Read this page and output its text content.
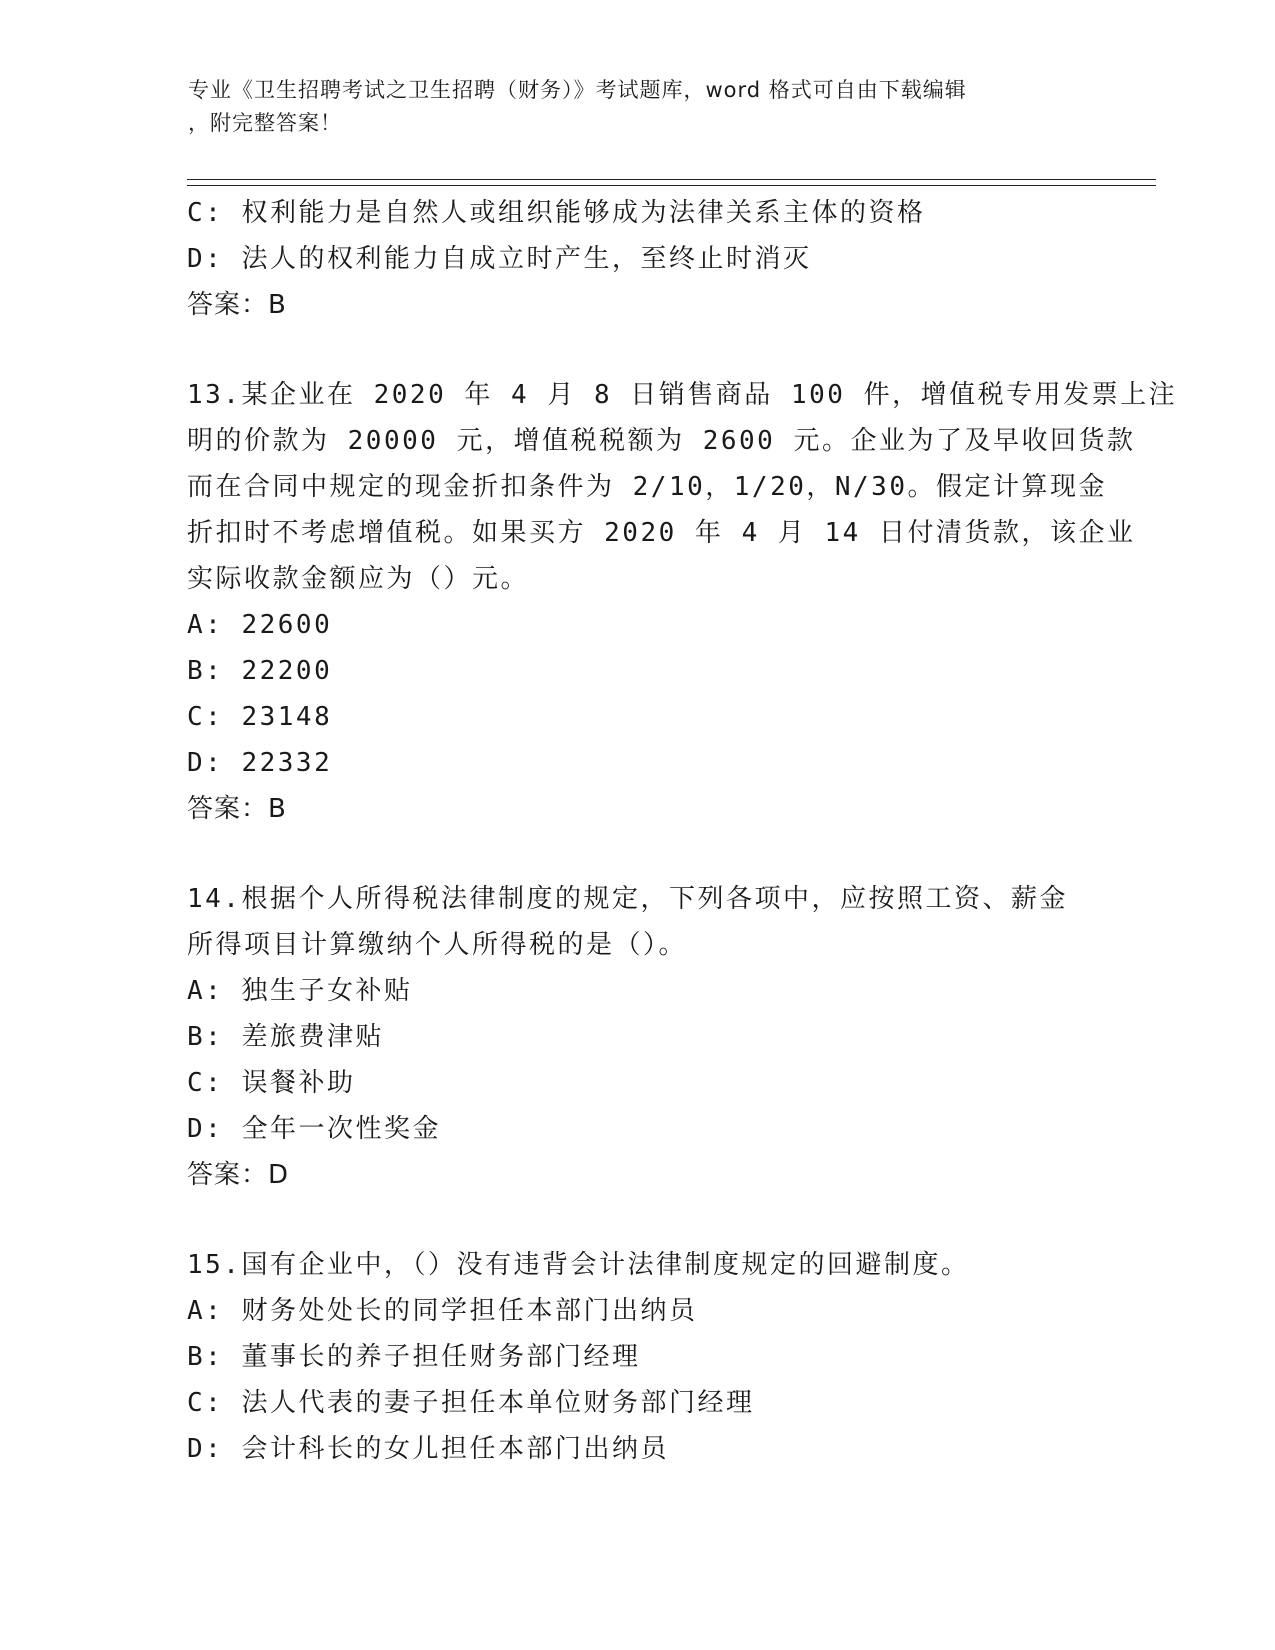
专业《卫生招聘考试之卫生招聘（财务）》考试题库，word 格式可自由下载编辑
，附完整答案！
C: 权利能力是自然人或组织能够成为法律关系主体的资格
D: 法人的权利能力自成立时产生，至终止时消灭
答案：B
13.某企业在 2020 年 4 月 8 日销售商品 100 件，增值税专用发票上注
明的价款为 20000 元，增值税税额为 2600 元。企业为了及早收回货款
而在合同中规定的现金折扣条件为 2/10，1/20，N/30。假定计算现金
折扣时不考虑增值税。如果买方 2020 年 4 月 14 日付清货款，该企业
实际收款金额应为（）元。
A: 22600
B: 22200
C: 23148
D: 22332
答案：B
14.根据个人所得税法律制度的规定，下列各项中，应按照工资、薪金
所得项目计算缴纳个人所得税的是（）。
A: 独生子女补贴
B: 差旅费津贴
C: 误餐补助
D: 全年一次性奖金
答案：D
15.国有企业中，（）没有违背会计法律制度规定的回避制度。
A: 财务处处长的同学担任本部门出纳员
B: 董事长的养子担任财务部门经理
C: 法人代表的妻子担任本单位财务部门经理
D: 会计科长的女儿担任本部门出纳员
